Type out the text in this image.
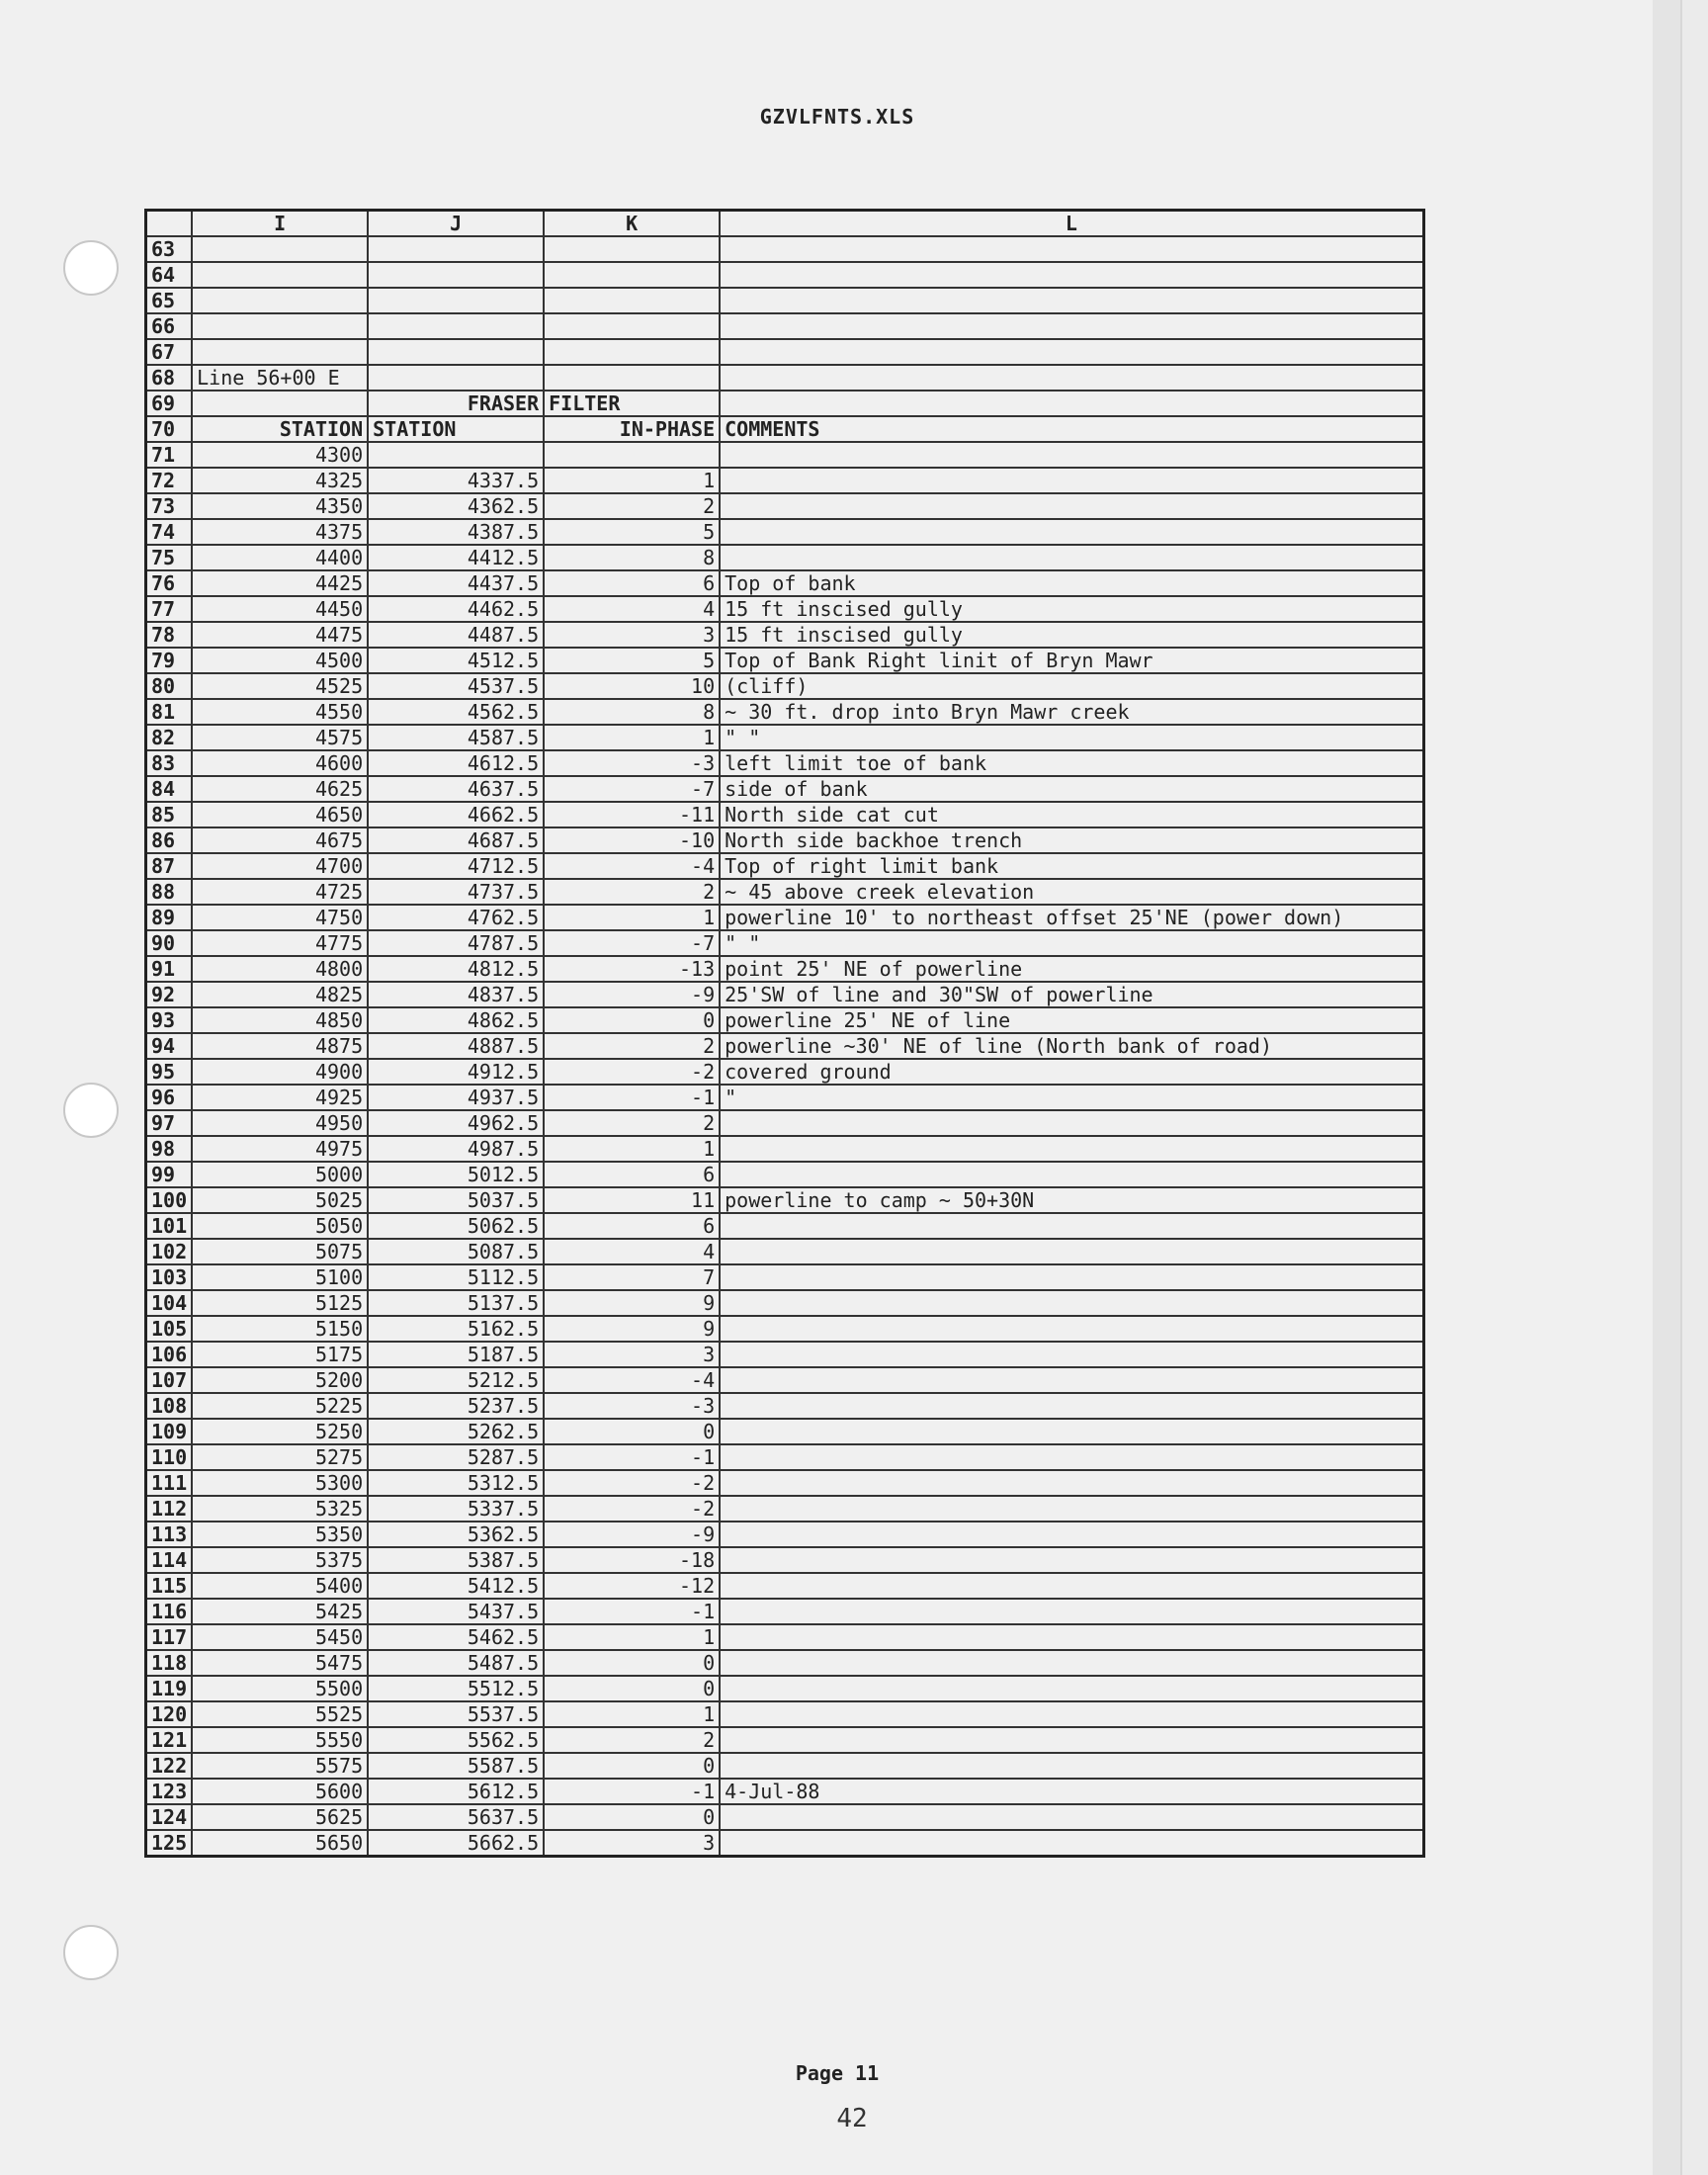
GZVLFNTS.XLS
	I	J	K	L
63				
64				
65				
66				
67				
68	Line 56+00 E			
69		FRASER	FILTER	
70	STATION	STATION	IN-PHASE	COMMENTS
71	4300			
72	4325	4337.5	1	
73	4350	4362.5	2	
74	4375	4387.5	5	
75	4400	4412.5	8	
76	4425	4437.5	6	Top of bank
77	4450	4462.5	4	15 ft inscised gully
78	4475	4487.5	3	15 ft inscised gully
79	4500	4512.5	5	Top of Bank Right linit of Bryn Mawr
80	4525	4537.5	10	(cliff)
81	4550	4562.5	8	~ 30 ft. drop into Bryn Mawr creek
82	4575	4587.5	1	" "
83	4600	4612.5	-3	left limit toe of bank
84	4625	4637.5	-7	side of bank
85	4650	4662.5	-11	North side cat cut
86	4675	4687.5	-10	North side backhoe trench
87	4700	4712.5	-4	Top of right limit bank
88	4725	4737.5	2	~ 45 above creek elevation
89	4750	4762.5	1	powerline 10' to northeast offset 25'NE (power down)
90	4775	4787.5	-7	" "
91	4800	4812.5	-13	point 25' NE of powerline
92	4825	4837.5	-9	25'SW of line and 30"SW of powerline
93	4850	4862.5	0	powerline 25' NE of line
94	4875	4887.5	2	powerline ~30' NE of line (North bank of road)
95	4900	4912.5	-2	covered ground
96	4925	4937.5	-1	"
97	4950	4962.5	2	
98	4975	4987.5	1	
99	5000	5012.5	6	
100	5025	5037.5	11	powerline to camp ~ 50+30N
101	5050	5062.5	6	
102	5075	5087.5	4	
103	5100	5112.5	7	
104	5125	5137.5	9	
105	5150	5162.5	9	
106	5175	5187.5	3	
107	5200	5212.5	-4	
108	5225	5237.5	-3	
109	5250	5262.5	0	
110	5275	5287.5	-1	
111	5300	5312.5	-2	
112	5325	5337.5	-2	
113	5350	5362.5	-9	
114	5375	5387.5	-18	
115	5400	5412.5	-12	
116	5425	5437.5	-1	
117	5450	5462.5	1	
118	5475	5487.5	0	
119	5500	5512.5	0	
120	5525	5537.5	1	
121	5550	5562.5	2	
122	5575	5587.5	0	
123	5600	5612.5	-1	4-Jul-88
124	5625	5637.5	0	
125	5650	5662.5	3	
Page 11
42
